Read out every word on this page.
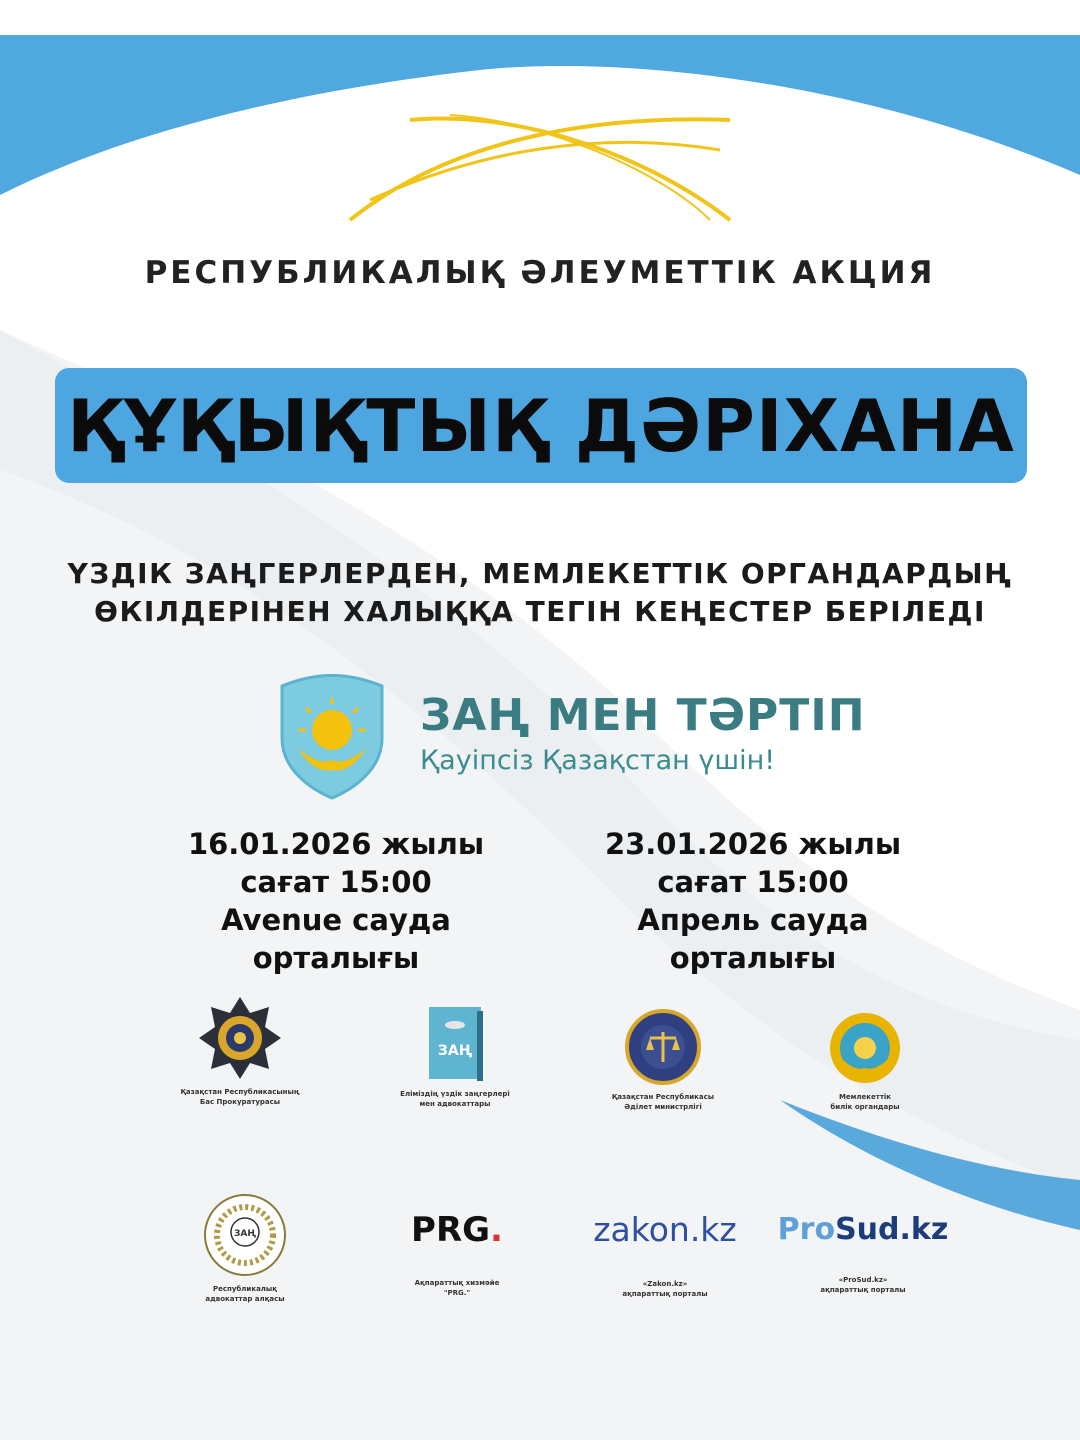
РЕСПУБЛИКАЛЫҚ ӘЛЕУМЕТТІК АКЦИЯ
ҚҰҚЫҚТЫҚ ДӘРІХАНА
ҮЗДІК ЗАҢГЕРЛЕРДЕН, МЕМЛЕКЕТТІК ОРГАНДАРДЫҢ
ӨКІЛДЕРІНЕН ХАЛЫҚҚА ТЕГІН КЕҢЕСТЕР БЕРІЛЕДІ
ЗАҢ МЕН ТӘРТІП
Қауіпсіз Қазақстан үшін!
16.01.2026 жылы
сағат 15:00
Avenue сауда
орталығы
23.01.2026 жылы
сағат 15:00
Апрель сауда
орталығы
Қазақстан Республикасының
Бас Прокуратурасы
ЗАҢ
Еліміздің үздік заңгерлері
мен адвокаттары
Қазақстан Республикасы
Әділет министрлігі
Мемлекеттік
билік органдары
ЗАҢ
Республикалық
адвокаттар алқасы
PRG.
Ақпараттық хизмәйе
"PRG."
zakon.kz
«Zakon.kz»
ақпараттық порталы
ProSud.kz
«ProSud.kz»
ақпараттық порталы
